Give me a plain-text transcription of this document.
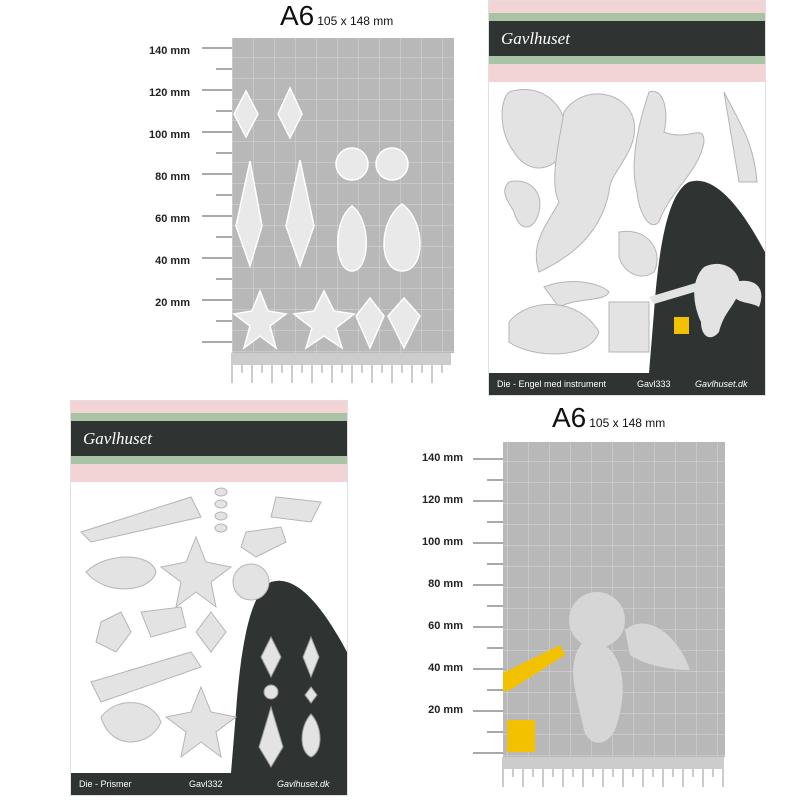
A6 105 x 148 mm
140 mm
120 mm
100 mm
80 mm
60 mm
40 mm
20 mm
Gavlhuset
Die - Engel med instrument	Gavl333	Gavlhuset.dk
Gavlhuset
Die - Prismer	Gavl332	Gavlhuset.dk
A6 105 x 148 mm
140 mm
120 mm
100 mm
80 mm
60 mm
40 mm
20 mm
